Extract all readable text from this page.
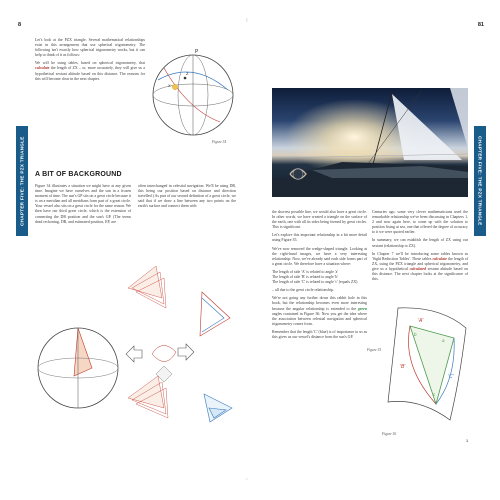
8
CHAPTER FIVE: THE PZX TRIANGLE

Let's look at the PZX triangle. Several mathematical relationships exist in this arrangement that use spherical trigonometry. The following isn't exactly how spherical trigonometry works, but it can help to think of it as follows:

We will be using tables, based on spherical trigonometry, that calculate the length of ZX – or, more accurately, they will give us a hypothetical sextant altitude based on this distance. The reasons for this will become clear in the next chapter.

P
Z
X
Figure 34
A BIT OF BACKGROUND
Figure 34 illustrates a situation we might have at any given time. Imagine we have ourselves and the sun in a frozen moment of time. The sun's GP sits on a great circle because it is on a meridian and all meridians form part of a great circle. Your vessel also sits on a great circle for the same reason. We then have our third great circle, which is the extension of connecting the DR position and the sun's GP. (The terms dead reckoning, DR, and estimated position, EP, are
often interchanged in celestial navigation. We'll be using DR, this being our position based on distance and direction travelled.) As part of our second definition of a great circle, we said that if we draw a line between any two points on the earth's surface and connect them with
81
CHAPTER FIVE: THE PZX TRIANGLE

the shortest possible line, we would also have a great circle. In other words, we have created a triangle on the surface of the earth, one with all its sides being formed by great circles. This is significant.

Let's explore this important relationship in a bit more detail using Figure 35.

We've now removed the wedge-shaped triangle. Looking at the right-hand images, we have a very interesting relationship. Now, we've already said each side forms part of a great circle. We therefore have a situation where:

The length of side 'A' is related to angle 'a'

The length of side 'B' is related to angle 'b'

The length of side 'C' is related to angle 'c' (equals ZX)

– all due to the great circle relationship.

We're not going any further down this rabbit hole in this book, but the relationship becomes even more interesting because the angular relationship is extended to the green angles contained in Figure 36. Now you get the idea where the association between celestial navigation and spherical trigonometry comes from.

Remember that the length 'C' (blue) is of importance to us as this gives us our vessel's distance from the sun's GP.

Figure 35

Centuries ago, some very clever mathematicians used the remarkable relationship we've been discussing in Chapters 1, 2 and now again here, to come up with the solution to position fixing at sea, one that offered the degree of accuracy to it we were quoted earlier.

In summary, we can establish the length of ZX using our sextant (relationship to ZX).

In Chapter 7 we'll be introducing some tables known as 'Sight Reduction Tables'. These tables calculate the length of ZX, using the PZX triangle and spherical trigonometry, and give us a hypothetical calculated sextant altitude based on this distance. The next chapter looks at the significance of this.

'A'
'B'
'C'
a
b
c
Figure 36
1
